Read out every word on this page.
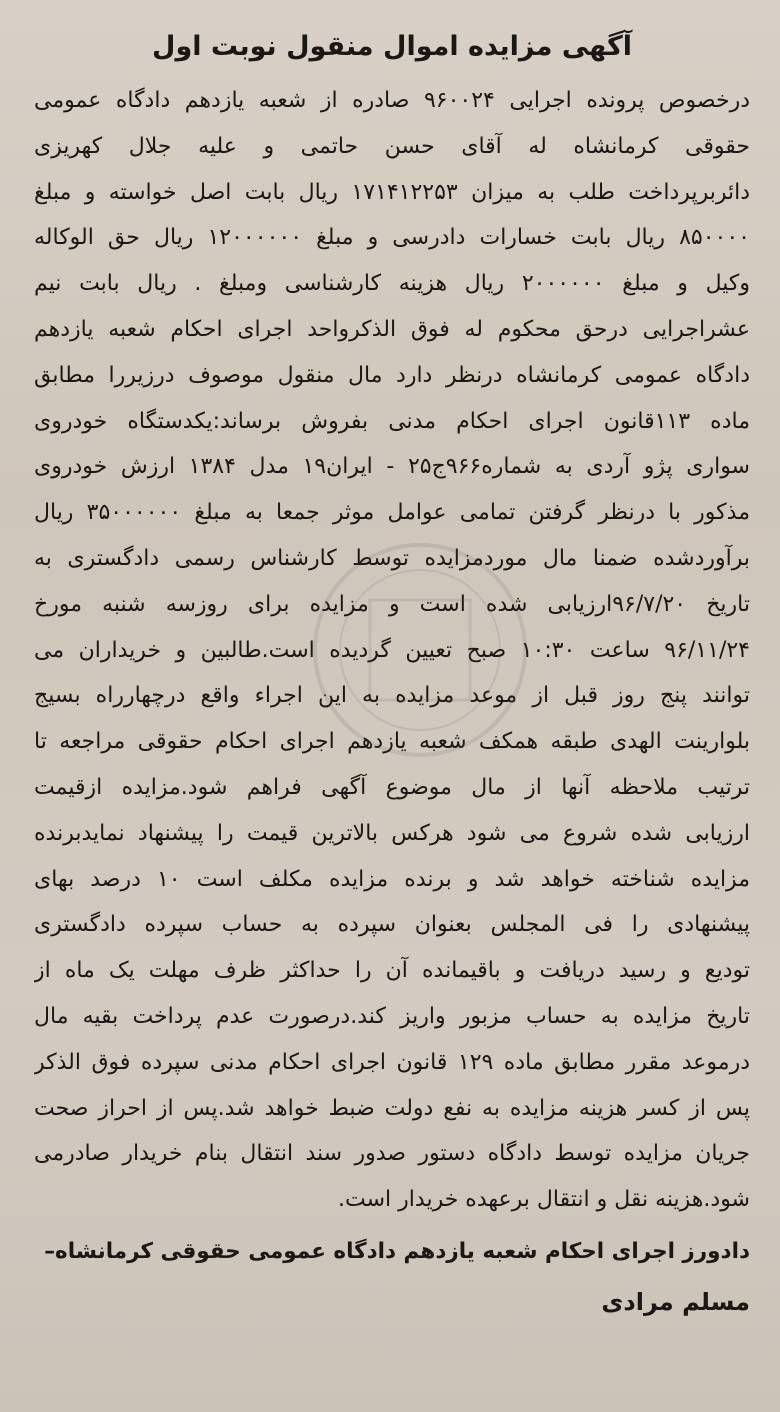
آگهی مزایده اموال منقول نوبت اول
درخصوص پرونده اجرایی ۹۶۰۰۲۴ صادره از شعبه یازدهم دادگاه عمومی
حقوقی کرمانشاه له آقای حسن حاتمی و علیه جلال کهریزی
دائربرپرداخت طلب به میزان ۱۷۱۴۱۲۲۵۳ ریال بابت اصل خواسته و مبلغ
۸۵۰۰۰۰ ریال بابت خسارات دادرسی و مبلغ ۱۲۰۰۰۰۰۰ ریال حق الوکاله
وکیل و مبلغ ۲۰۰۰۰۰۰ ریال هزینه کارشناسی ومبلغ . ریال بابت نیم
عشراجرایی درحق محکوم له فوق الذکرواحد اجرای احکام شعبه یازدهم
دادگاه عمومی کرمانشاه درنظر دارد مال منقول موصوف درزیررا مطابق
ماده ۱۱۳قانون اجرای احکام مدنی بفروش برساند:یکدستگاه خودروی
سواری پژو آردی به شماره۹۶۶ج۲۵ - ایران۱۹ مدل ۱۳۸۴ ارزش خودروی
مذکور با درنظر گرفتن تمامی عوامل موثر جمعا به مبلغ ۳۵۰۰۰۰۰۰ ریال
برآوردشده ضمنا مال موردمزایده توسط کارشناس رسمی دادگستری به
تاریخ ۹۶/۷/۲۰ارزیابی شده است و مزایده برای روزسه شنبه مورخ
۹۶/۱۱/۲۴ ساعت ۱۰:۳۰ صبح تعیین گردیده است.طالبین و خریداران می
توانند پنج روز قبل از موعد مزایده به این اجراء واقع درچهارراه بسیج
بلوارینت الهدی طبقه همکف شعبه یازدهم اجرای احکام حقوقی مراجعه تا
ترتیب ملاحظه آنها از مال موضوع آگهی فراهم شود.مزایده ازقیمت
ارزیابی شده شروع می شود هرکس بالاترین قیمت را پیشنهاد نمایدبرنده
مزایده شناخته خواهد شد و برنده مزایده مکلف است ۱۰ درصد بهای
پیشنهادی را فی المجلس بعنوان سپرده به حساب سپرده دادگستری
توديع و رسید دریافت و باقیمانده آن را حداکثر ظرف مهلت یک ماه از
تاریخ مزایده به حساب مزبور واریز کند.درصورت عدم پرداخت بقیه مال
درموعد مقرر مطابق ماده ۱۲۹ قانون اجرای احکام مدنی سپرده فوق الذکر
پس از کسر هزینه مزایده به نفع دولت ضبط خواهد شد.پس از احراز صحت
جریان مزایده توسط دادگاه دستور صدور سند انتقال بنام خریدار صادرمی
شود.هزینه نقل و انتقال برعهده خریدار است.
دادورز اجرای احکام شعبه یازدهم دادگاه عمومی حقوقی کرمانشاه–
مسلم مرادی
